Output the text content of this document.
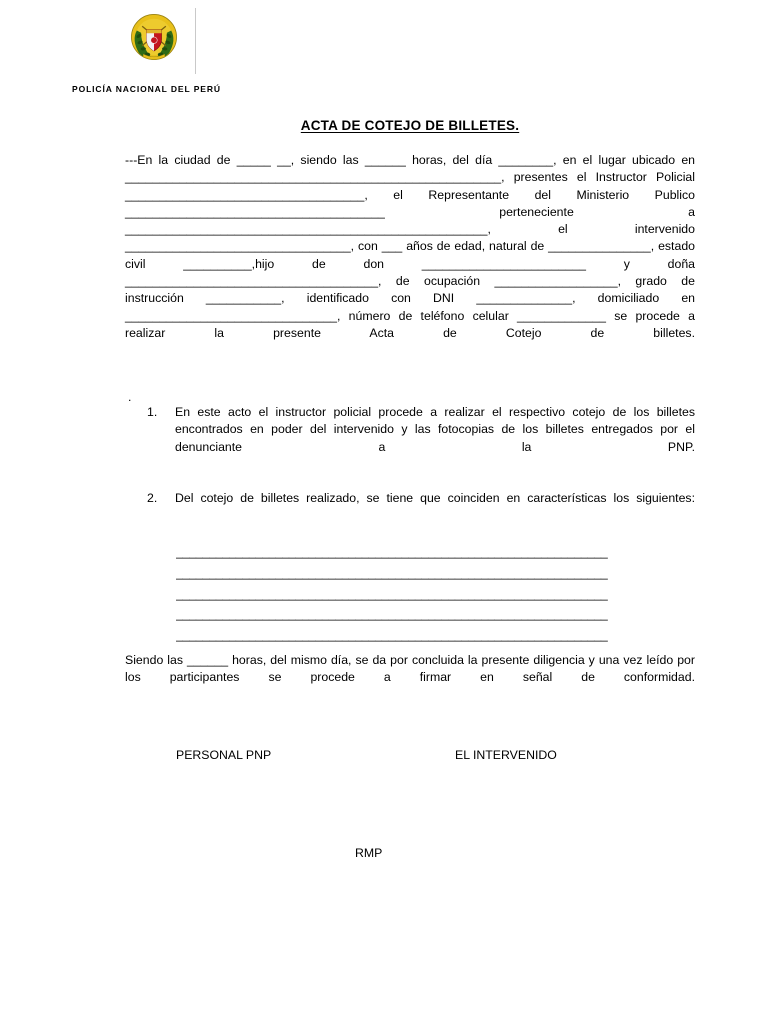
POLICÍA NACIONAL DEL PERÚ
ACTA DE COTEJO DE BILLETES.

---En la ciudad de _____ __, siendo las ______ horas, del día ________, en el lugar ubicado en _______________________________________________________, presentes el Instructor Policial ___________________________________, el Representante del Ministerio Publico ______________________________________ perteneciente a _____________________________________________________, el intervenido _________________________________, con ___ años de edad, natural de _______________, estado civil __________,hijo de don ________________________ y doña _____________________________________, de ocupación __________________, grado de instrucción ___________, identificado con DNI ______________, domiciliado en _______________________________, número de teléfono celular _____________ se procede a realizar la presente Acta de Cotejo de billetes.

.
1. En este acto el instructor policial procede a realizar el respectivo cotejo de los billetes encontrados en poder del intervenido y las fotocopias de los billetes entregados por el denunciante a la PNP.
2. Del cotejo de billetes realizado, se tiene que coinciden en características los siguientes:
_________________________________________________________________
_________________________________________________________________
_________________________________________________________________
_________________________________________________________________
_________________________________________________________________

Siendo las ______ horas, del mismo día, se da por concluida la presente diligencia y una vez leído por los participantes se procede a firmar en señal de conformidad.

PERSONAL PNP	EL INTERVENIDO
RMP
